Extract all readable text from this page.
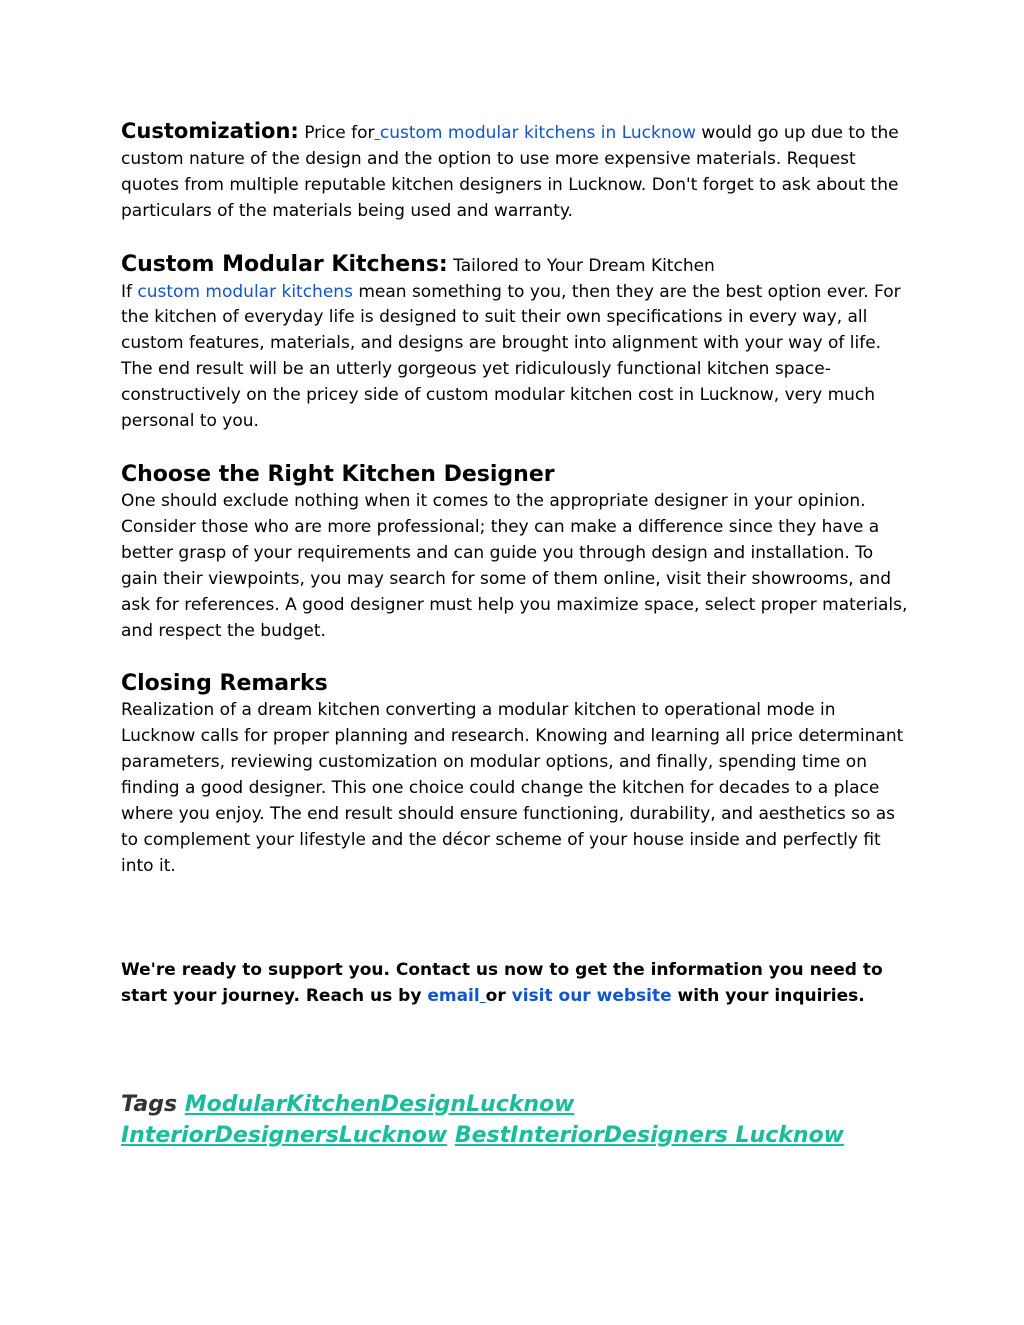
Customization: Price for custom modular kitchens in Lucknow would go up due to the custom nature of the design and the option to use more expensive materials. Request quotes from multiple reputable kitchen designers in Lucknow. Don't forget to ask about the particulars of the materials being used and warranty.

Custom Modular Kitchens: Tailored to Your Dream Kitchen

If custom modular kitchens mean something to you, then they are the best option ever. For the kitchen of everyday life is designed to suit their own specifications in every way, all custom features, materials, and designs are brought into alignment with your way of life. The end result will be an utterly gorgeous yet ridiculously functional kitchen space-constructively on the pricey side of custom modular kitchen cost in Lucknow, very much personal to you.

Choose the Right Kitchen Designer

One should exclude nothing when it comes to the appropriate designer in your opinion. Consider those who are more professional; they can make a difference since they have a better grasp of your requirements and can guide you through design and installation. To gain their viewpoints, you may search for some of them online, visit their showrooms, and ask for references. A good designer must help you maximize space, select proper materials, and respect the budget.

Closing Remarks

Realization of a dream kitchen converting a modular kitchen to operational mode in Lucknow calls for proper planning and research. Knowing and learning all price determinant parameters, reviewing customization on modular options, and finally, spending time on finding a good designer. This one choice could change the kitchen for decades to a place where you enjoy. The end result should ensure functioning, durability, and aesthetics so as to complement your lifestyle and the décor scheme of your house inside and perfectly fit into it.

We're ready to support you. Contact us now to get the information you need to start your journey. Reach us by email or visit our website with your inquiries.

Tags ModularKitchenDesignLucknow
InteriorDesignersLucknow BestInteriorDesigners Lucknow
